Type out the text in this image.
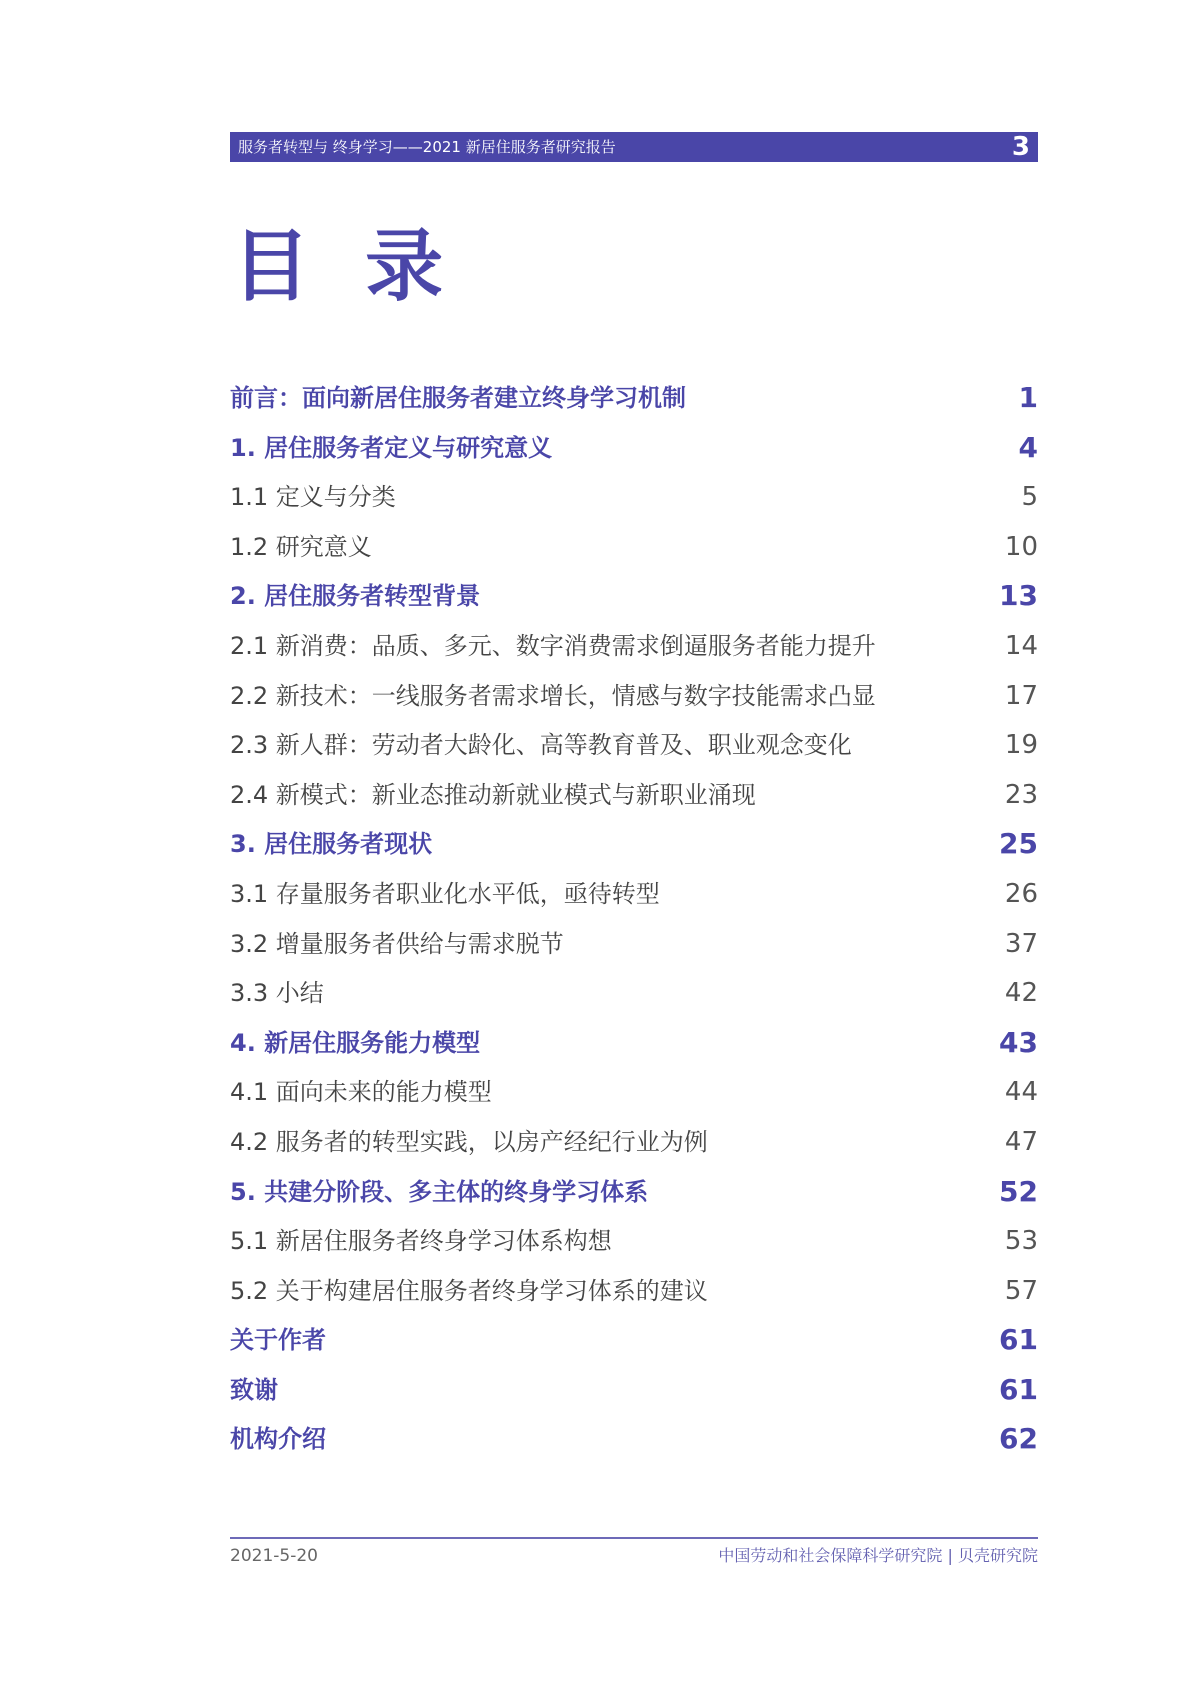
服务者转型与 终身学习——2021 新居住服务者研究报告	3
目 录
前言：面向新居住服务者建立终身学习机制	1
1. 居住服务者定义与研究意义	4
1.1 定义与分类	5
1.2 研究意义	10
2. 居住服务者转型背景	13
2.1 新消费：品质、多元、数字消费需求倒逼服务者能力提升	14
2.2 新技术：一线服务者需求增长，情感与数字技能需求凸显	17
2.3 新人群：劳动者大龄化、高等教育普及、职业观念变化	19
2.4 新模式：新业态推动新就业模式与新职业涌现	23
3. 居住服务者现状	25
3.1 存量服务者职业化水平低，亟待转型	26
3.2 增量服务者供给与需求脱节	37
3.3 小结	42
4. 新居住服务能力模型	43
4.1 面向未来的能力模型	44
4.2 服务者的转型实践，以房产经纪行业为例	47
5. 共建分阶段、多主体的终身学习体系	52
5.1 新居住服务者终身学习体系构想	53
5.2 关于构建居住服务者终身学习体系的建议	57
关于作者	61
致谢	61
机构介绍	62
2021-5-20	中国劳动和社会保障科学研究院 | 贝壳研究院
